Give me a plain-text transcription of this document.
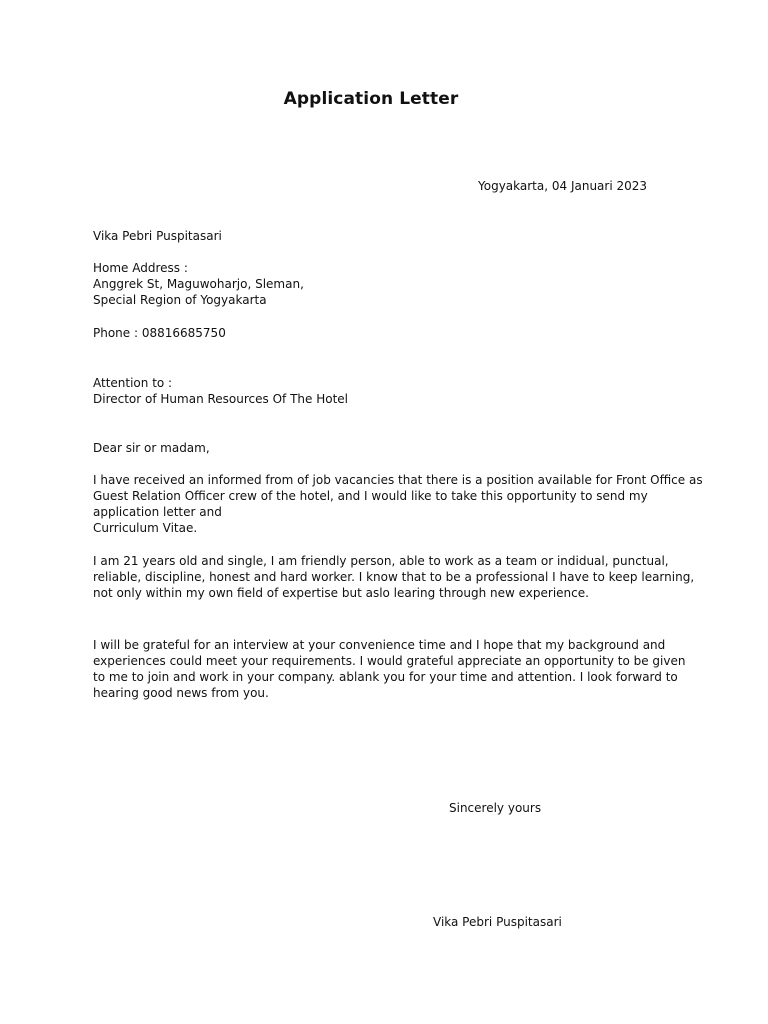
Application Letter
Yogyakarta, 04 Januari 2023
Vika Pebri Puspitasari
Home Address :
Anggrek St, Maguwoharjo, Sleman,
Special Region of Yogyakarta
Phone : 08816685750
Attention to :
Director of Human Resources Of The Hotel
Dear sir or madam,
I have received an informed from of job vacancies that there is a position available for Front Office as
Guest Relation Officer crew of the hotel, and I would like to take this opportunity to send my
application letter and
Curriculum Vitae.
I am 21 years old and single, I am friendly person, able to work as a team or indidual, punctual,
reliable, discipline, honest and hard worker. I know that to be a professional I have to keep learning,
not only within my own field of expertise but aslo learing through new experience.
I will be grateful for an interview at your convenience time and I hope that my background and
experiences could meet your requirements. I would grateful appreciate an opportunity to be given
to me to join and work in your company. ablank you for your time and attention. I look forward to
hearing good news from you.
Sincerely yours
Vika Pebri Puspitasari
